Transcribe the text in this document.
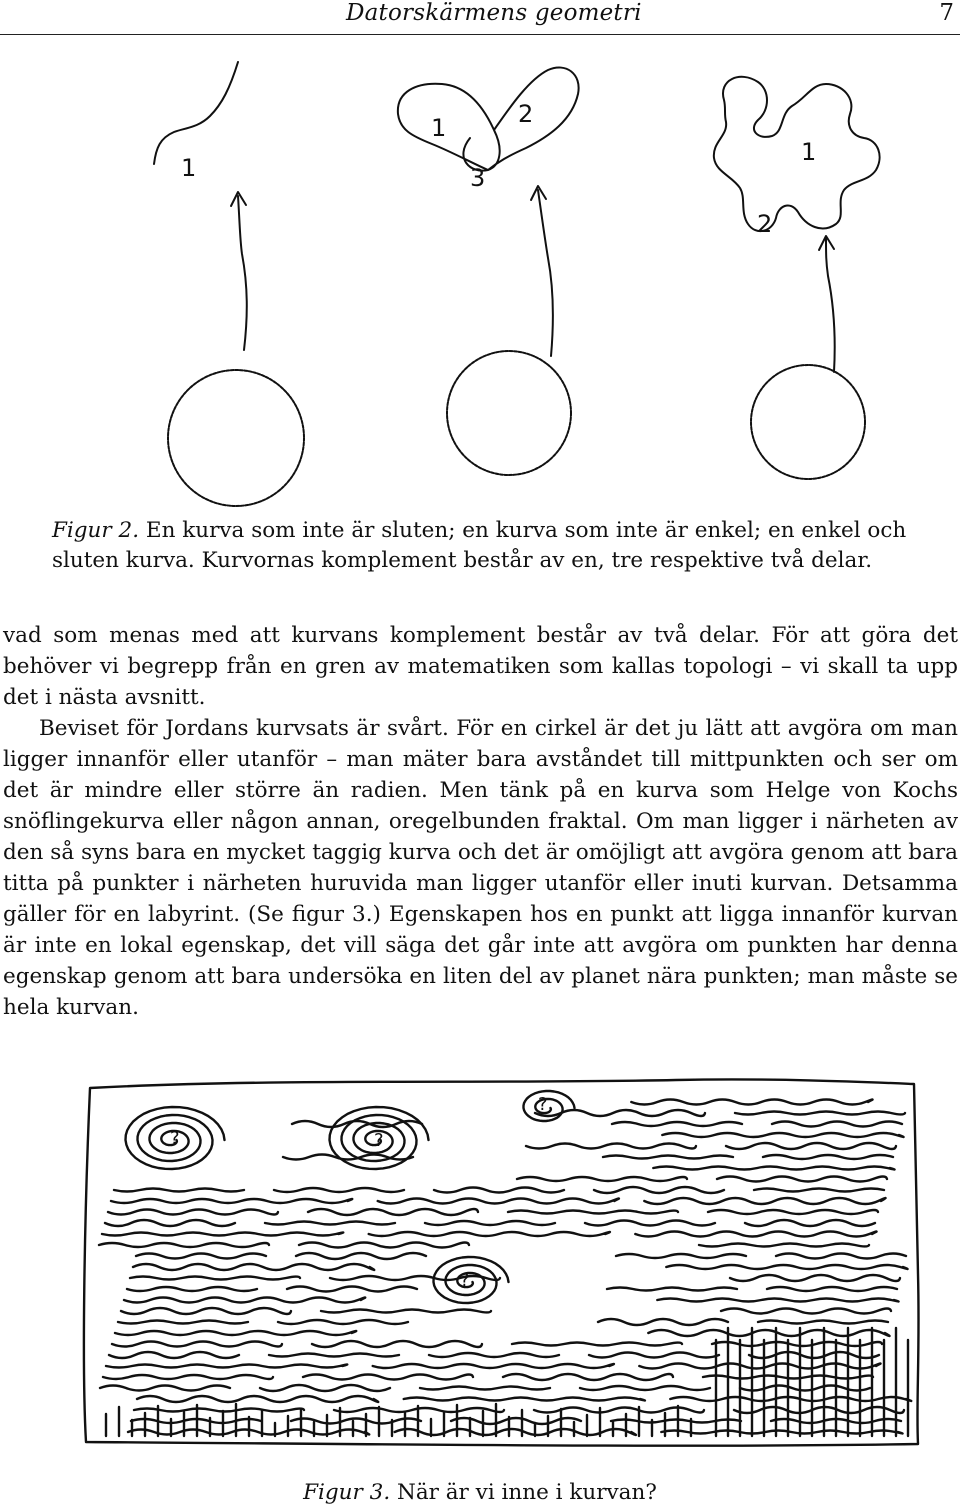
Datorskärmens geometri	7
1
1	2
3
1
2
Figur 2. En kurva som inte är sluten; en kurva som inte är enkel; en enkel och sluten kurva. Kurvornas komplement består av en, tre respektive två delar.

vad som menas med att kurvans komplement består av två delar. För att göra det behöver vi begrepp från en gren av matematiken som kallas topologi – vi skall ta upp det i nästa avsnitt.

Beviset för Jordans kurvsats är svårt. För en cirkel är det ju lätt att avgöra om man ligger innanför eller utanför – man mäter bara avståndet till mittpunkten och ser om det är mindre eller större än radien. Men tänk på en kurva som Helge von Kochs snöflingekurva eller någon annan, oregelbunden fraktal. Om man ligger i närheten av den så syns bara en mycket taggig kurva och det är omöjligt att avgöra genom att bara titta på punkter i närheten huruvida man ligger utanför eller inuti kurvan. Detsamma gäller för en labyrint. (Se figur 3.) Egenskapen hos en punkt att ligga innanför kurvan är inte en lokal egenskap, det vill säga det går inte att avgöra om punkten har denna egenskap genom att bara undersöka en liten del av planet nära punkten; man måste se hela kurvan.

?	?
?
?
Figur 3. När är vi inne i kurvan?
